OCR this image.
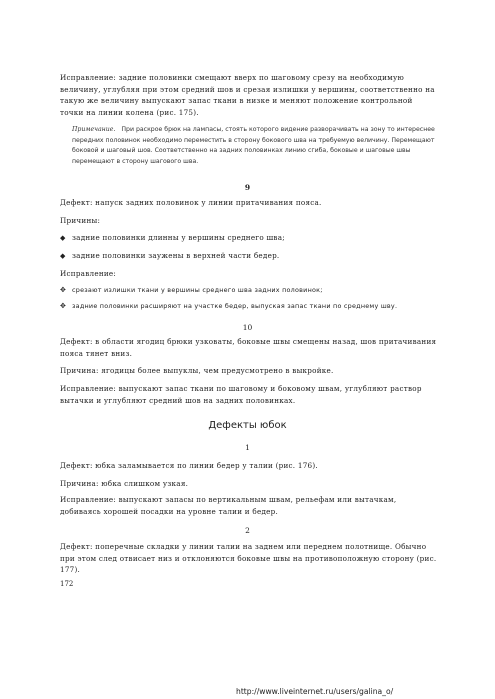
Исправление: задние половинки смещают вверх по шаговому срезу на необходимую величину, углубляя при этом средний шов и срезая излишки у вершины, соответственно на такую же величину выпускают запас ткани в низке и меняют положение контрольной точки на линии колена (рис. 175).

Примечание. При раскрое брюк на лампасы, стоять которого видение разворачивать на зону то интереснее передних половинок необходимо переместить в сторону бокового шва на требуемую величину. Перемещают боковой и шаговый шов. Соответственно на задних половинках линию сгиба, боковые и шаговые швы перемещают в сторону шагового шва.

9

Дефект: напуск задних половинок у линии притачивания пояса.

Причины:

◆ задние половинки длинны у вершины среднего шва;

◆ задние половинки заужены в верхней части бедер.

Исправление:

✥ срезают излишки ткани у вершины среднего шва задних половинок;

✥ задние половинки расширяют на участке бедер, выпуская запас ткани по среднему шву.

10

Дефект: в области ягодиц брюки узковаты, боковые швы смещены назад, шов притачивания пояса тянет вниз.

Причина: ягодицы более выпуклы, чем предусмотрено в выкройке.

Исправление: выпускают запас ткани по шаговому и боковому швам, углубляют раствор вытачки и углубляют средний шов на задних половинках.

Дефекты юбок

1

Дефект: юбка заламывается по линии бедер у талии (рис. 176).

Причина: юбка слишком узкая.

Исправление: выпускают запасы по вертикальным швам, рельефам или вытачкам, добиваясь хорошей посадки на уровне талии и бедер.

2

Дефект: поперечные складки у линии талии на заднем или переднем полотнище. Обычно при этом след отвисает низ и отклоняются боковые швы на противоположную сторону (рис. 177).

172

http://www.liveinternet.ru/users/galina_o/
